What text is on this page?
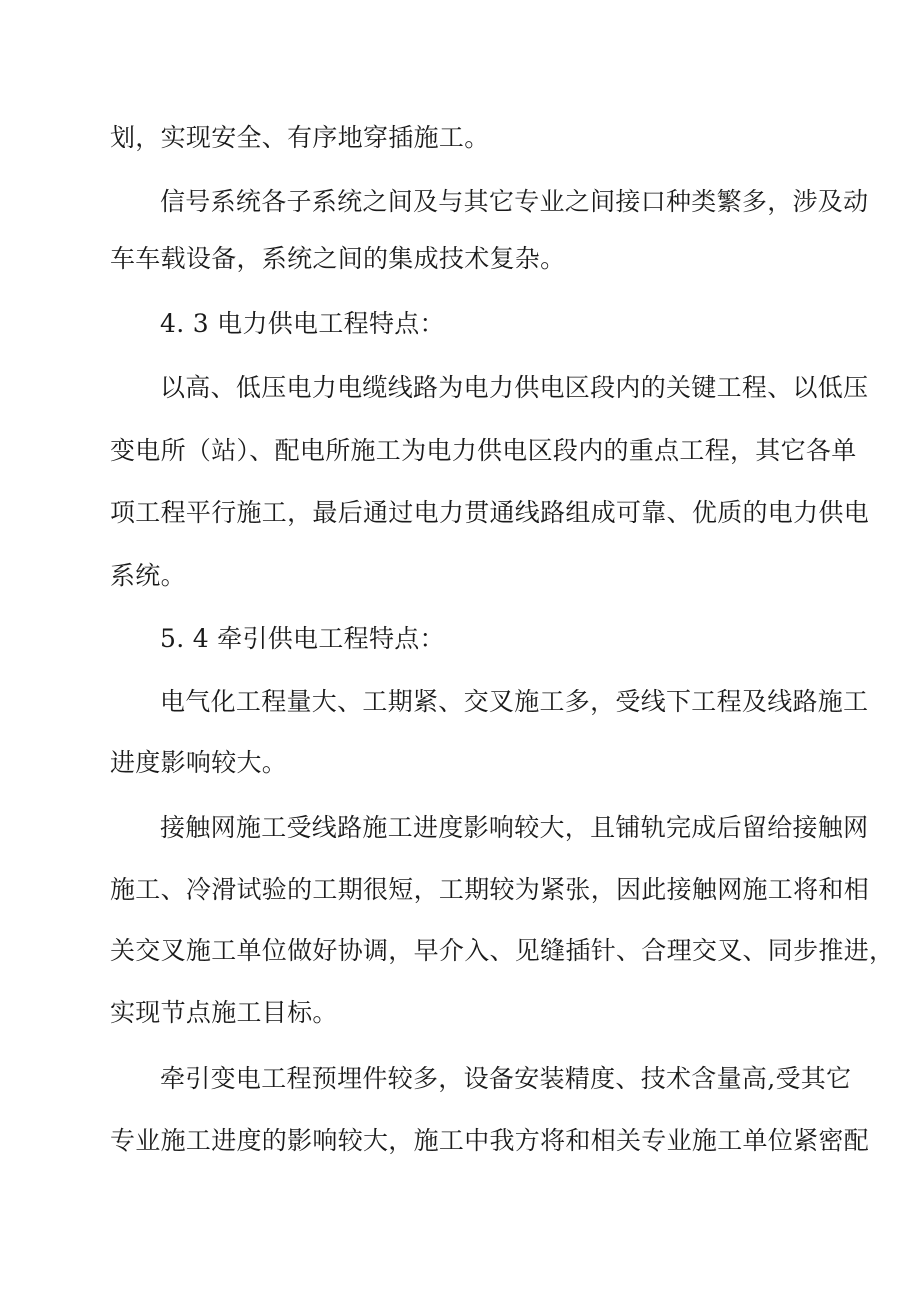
划，实现安全、有序地穿插施工。
信号系统各子系统之间及与其它专业之间接口种类繁多，涉及动
车车载设备，系统之间的集成技术复杂。
4. 3 电力供电工程特点：
以高、低压电力电缆线路为电力供电区段内的关键工程、以低压
变电所（站）、配电所施工为电力供电区段内的重点工程，其它各单
项工程平行施工，最后通过电力贯通线路组成可靠、优质的电力供电
系统。
5. 4 牵引供电工程特点：
电气化工程量大、工期紧、交叉施工多，受线下工程及线路施工
进度影响较大。
接触网施工受线路施工进度影响较大，且铺轨完成后留给接触网
施工、冷滑试验的工期很短，工期较为紧张，因此接触网施工将和相
关交叉施工单位做好协调，早介入、见缝插针、合理交叉、同步推进，
实现节点施工目标。
牵引变电工程预埋件较多，设备安装精度、技术含量高,受其它
专业施工进度的影响较大，施工中我方将和相关专业施工单位紧密配
